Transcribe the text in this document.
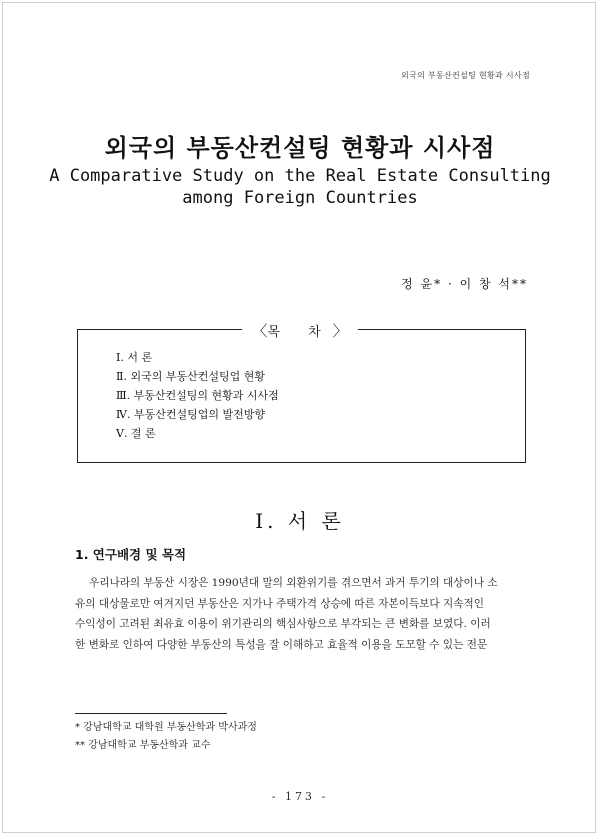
외국의 부동산컨설팅 현황과 시사점
외국의 부동산컨설팅 현황과 시사점
A Comparative Study on the Real Estate Consulting
among Foreign Countries
정 윤* · 이 창 석**
〈목 차〉
Ⅰ. 서 론
Ⅱ. 외국의 부동산컨설팅업 현황
Ⅲ. 부동산컨설팅의 현황과 시사점
Ⅳ. 부동산컨설팅업의 발전방향
Ⅴ. 결 론
Ⅰ. 서 론
1. 연구배경 및 목적
우리나라의 부동산 시장은 1990년대 말의 외환위기를 겪으면서 과거 투기의 대상이나 소
유의 대상물로만 여겨지던 부동산은 지가나 주택가격 상승에 따른 자본이득보다 지속적인
수익성이 고려된 최유효 이용이 위기관리의 핵심사항으로 부각되는 큰 변화를 보였다. 이러
한 변화로 인하여 다양한 부동산의 특성을 잘 이해하고 효율적 이용을 도모할 수 있는 전문
* 강남대학교 대학원 부동산학과 박사과정
** 강남대학교 부동산학과 교수
- 173 -
